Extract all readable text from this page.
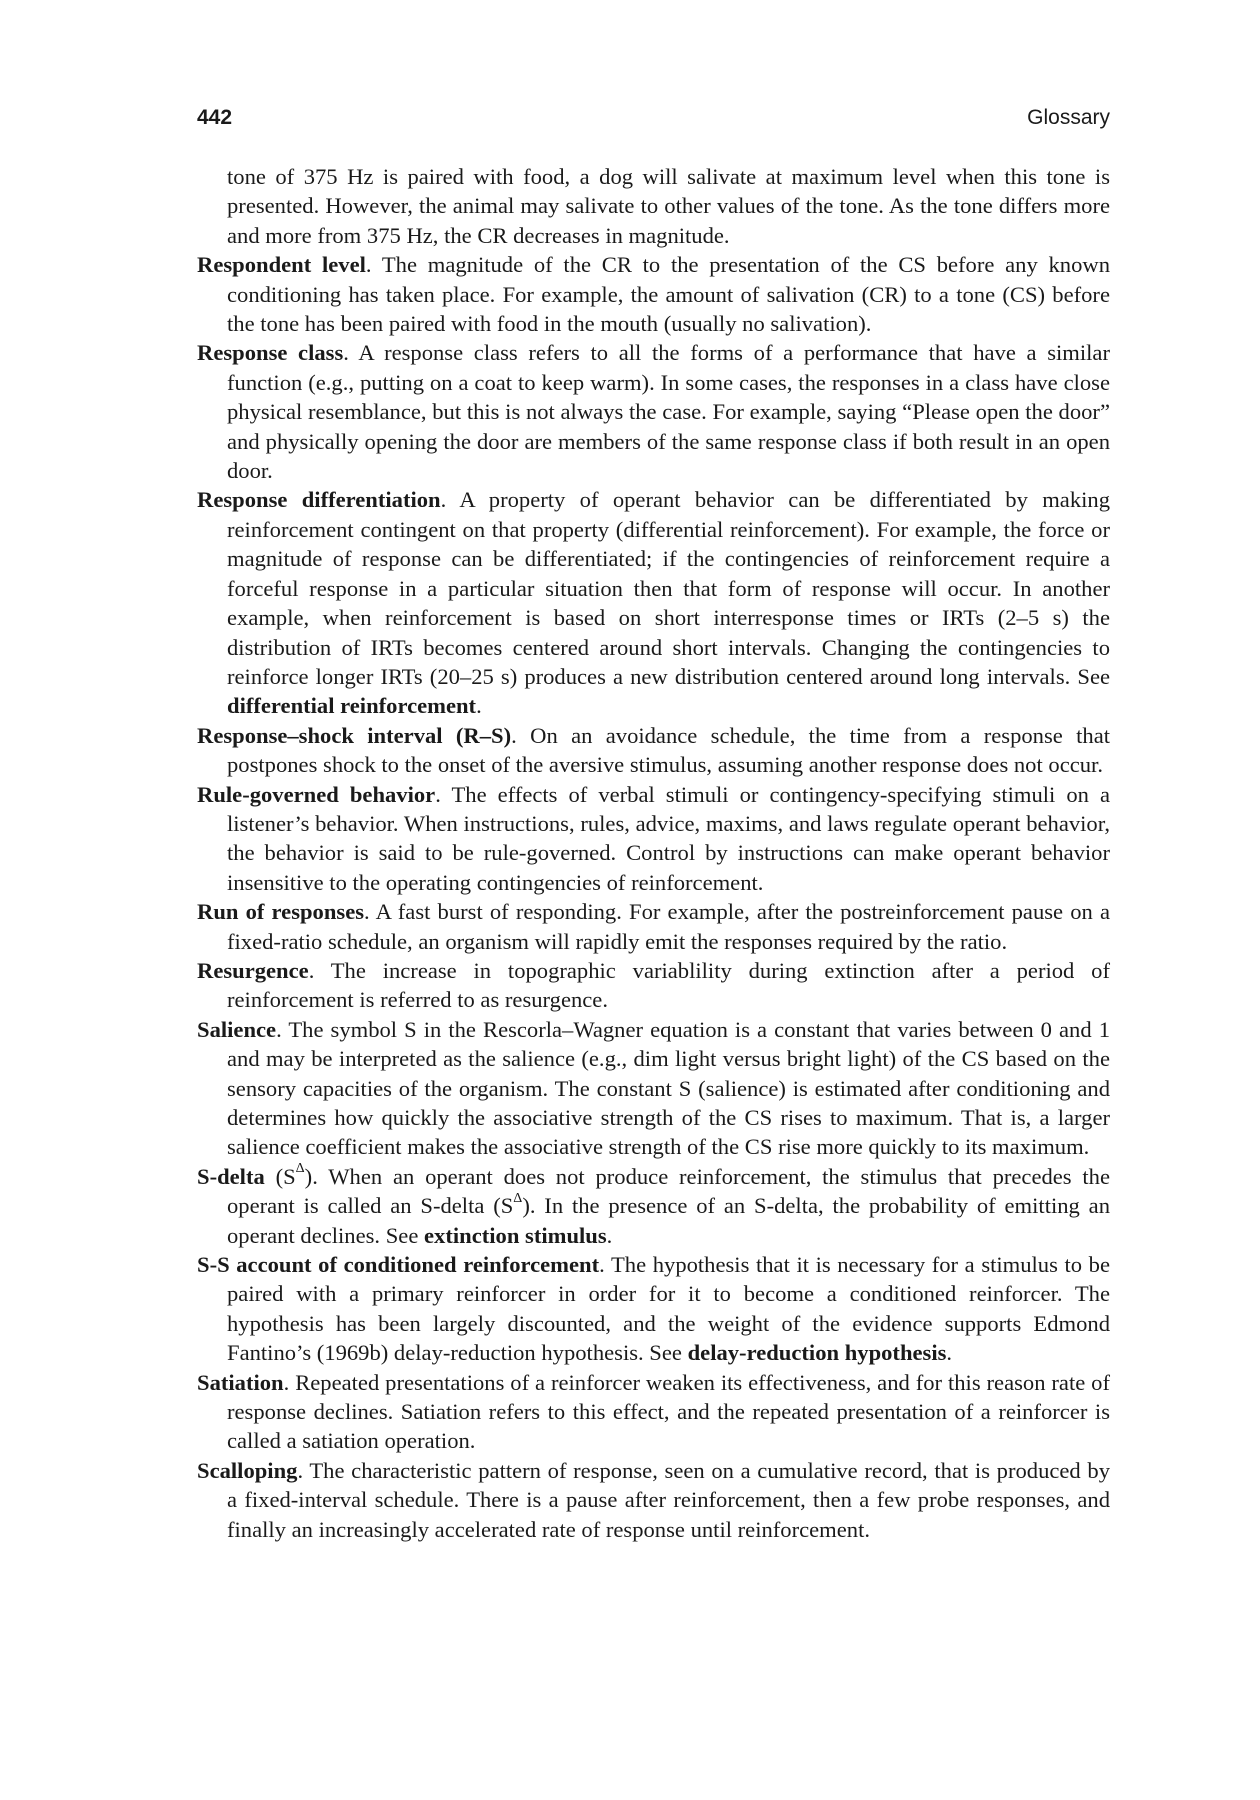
442	Glossary

tone of 375 Hz is paired with food, a dog will salivate at maximum level when this tone is presented. However, the animal may salivate to other values of the tone. As the tone differs more and more from 375 Hz, the CR decreases in magnitude.

Respondent level. The magnitude of the CR to the presentation of the CS before any known conditioning has taken place. For example, the amount of salivation (CR) to a tone (CS) before the tone has been paired with food in the mouth (usually no salivation).

Response class. A response class refers to all the forms of a performance that have a similar function (e.g., putting on a coat to keep warm). In some cases, the responses in a class have close physical resemblance, but this is not always the case. For example, saying “Please open the door” and physically opening the door are members of the same response class if both result in an open door.

Response differentiation. A property of operant behavior can be differentiated by making reinforcement contingent on that property (differential reinforcement). For example, the force or magnitude of response can be differentiated; if the contingencies of reinforcement require a forceful response in a particular situation then that form of response will occur. In another example, when reinforcement is based on short interresponse times or IRTs (2–5 s) the distribution of IRTs becomes centered around short intervals. Changing the contingencies to reinforce longer IRTs (20–25 s) produces a new distribution centered around long intervals. See differential reinforcement.

Response–shock interval (R–S). On an avoidance schedule, the time from a response that postpones shock to the onset of the aversive stimulus, assuming another response does not occur.

Rule-governed behavior. The effects of verbal stimuli or contingency-specifying stimuli on a listener’s behavior. When instructions, rules, advice, maxims, and laws regulate operant behavior, the behavior is said to be rule-governed. Control by instructions can make operant behavior insensitive to the operating contingencies of reinforcement.

Run of responses. A fast burst of responding. For example, after the postreinforcement pause on a fixed-ratio schedule, an organism will rapidly emit the responses required by the ratio.

Resurgence. The increase in topographic variablility during extinction after a period of reinforcement is referred to as resurgence.

Salience. The symbol S in the Rescorla–Wagner equation is a constant that varies between 0 and 1 and may be interpreted as the salience (e.g., dim light versus bright light) of the CS based on the sensory capacities of the organism. The constant S (salience) is estimated after conditioning and determines how quickly the associative strength of the CS rises to maximum. That is, a larger salience coefficient makes the associative strength of the CS rise more quickly to its maximum.

S-delta $(S^\Delta)$. When an operant does not produce reinforcement, the stimulus that precedes the operant is called an S-delta $(S^\Delta)$. In the presence of an S-delta, the probability of emitting an operant declines. See extinction stimulus.

S-S account of conditioned reinforcement. The hypothesis that it is necessary for a stimulus to be paired with a primary reinforcer in order for it to become a conditioned reinforcer. The hypothesis has been largely discounted, and the weight of the evidence supports Edmond Fantino’s (1969b) delay-reduction hypothesis. See delay-reduction hypothesis.

Satiation. Repeated presentations of a reinforcer weaken its effectiveness, and for this reason rate of response declines. Satiation refers to this effect, and the repeated presentation of a reinforcer is called a satiation operation.

Scalloping. The characteristic pattern of response, seen on a cumulative record, that is produced by a fixed-interval schedule. There is a pause after reinforcement, then a few probe responses, and finally an increasingly accelerated rate of response until reinforcement.
